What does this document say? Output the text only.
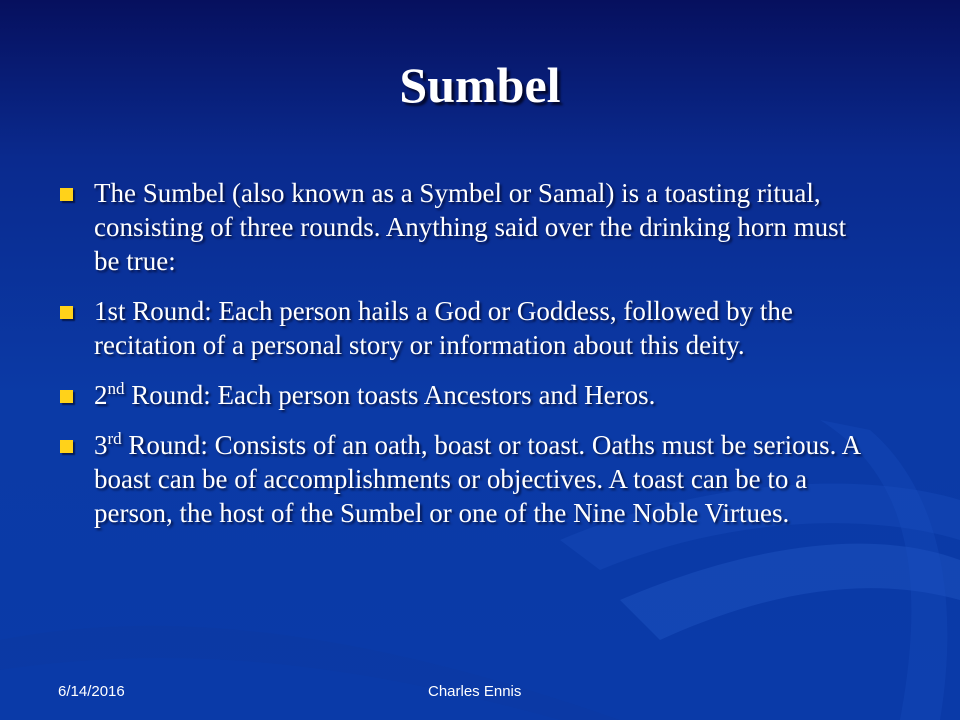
Sumbel
The Sumbel (also known as a Symbel or Samal) is a toasting ritual, consisting of three rounds. Anything said over the drinking horn must be true:
1st Round: Each person hails a God or Goddess, followed by the recitation of a personal story or information about this deity.
2nd Round: Each person toasts Ancestors and Heros.
3rd Round: Consists of an oath, boast or toast. Oaths must be serious. A boast can be of accomplishments or objectives. A toast can be to a person, the host of the Sumbel or one of the Nine Noble Virtues.
6/14/2016	Charles Ennis
